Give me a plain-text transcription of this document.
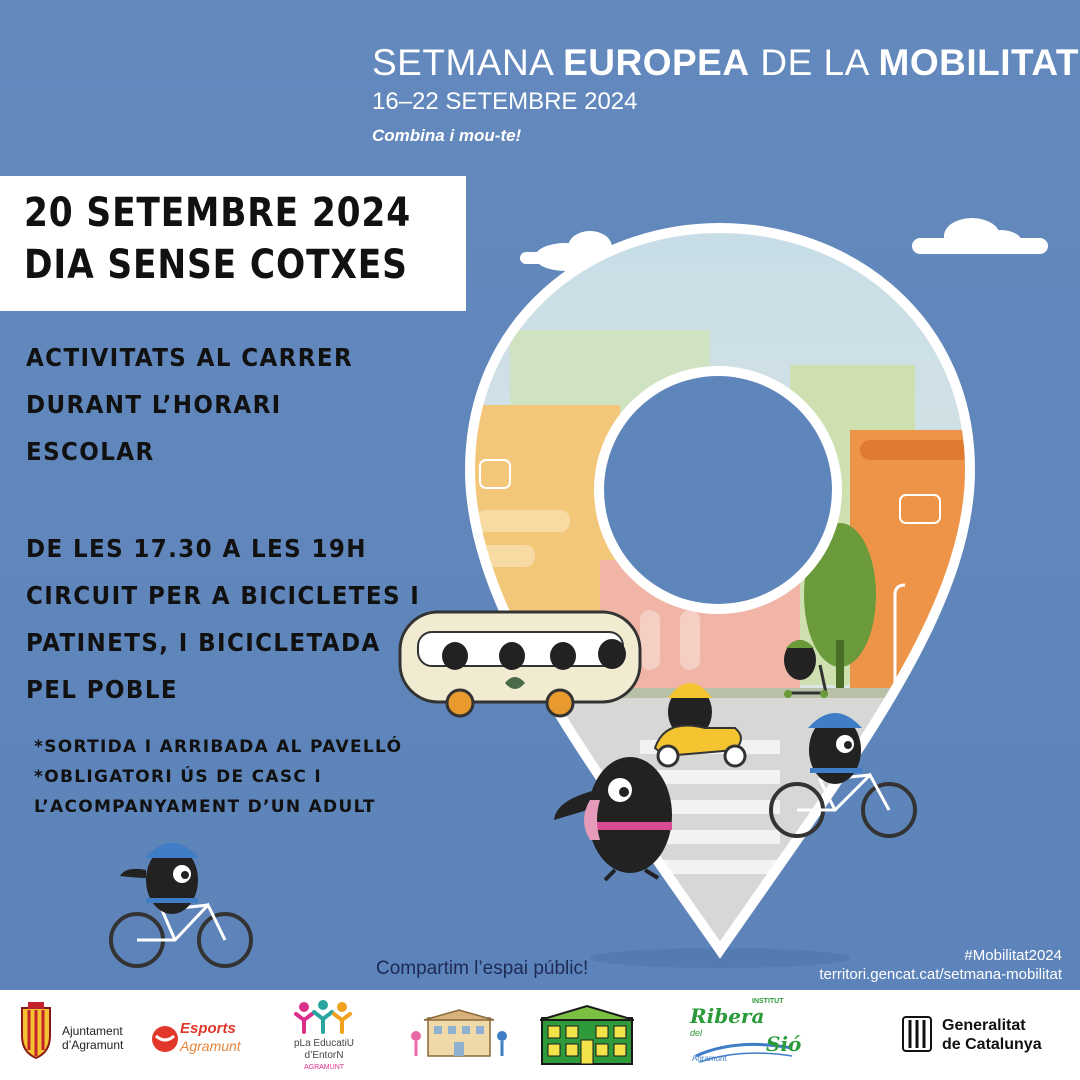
SETMANA EUROPEA DE LA MOBILITAT
16–22 SETEMBRE 2024
Combina i mou-te!
20 SETEMBRE 2024
DIA SENSE COTXES
ACTIVITATS AL CARRER
DURANT L’HORARI
ESCOLAR
DE LES 17.30 A LES 19H
CIRCUIT PER A BICICLETES I
PATINETS, I BICICLETADA
PEL POBLE
*SORTIDA I ARRIBADA AL PAVELLÓ
*OBLIGATORI ÚS DE CASC I
L’ACOMPANYAMENT D’UN ADULT
Compartim l’espai públic!
#Mobilitat2024
territori.gencat.cat/setmana-mobilitat
Ajuntament
d’Agramunt
Esports
Agramunt	pLa EducatiU
d’EntorN
AGRAMUNT
INSTITUT
Ribera
del	Sió
Agramunt
Generalitat
de Catalunya
